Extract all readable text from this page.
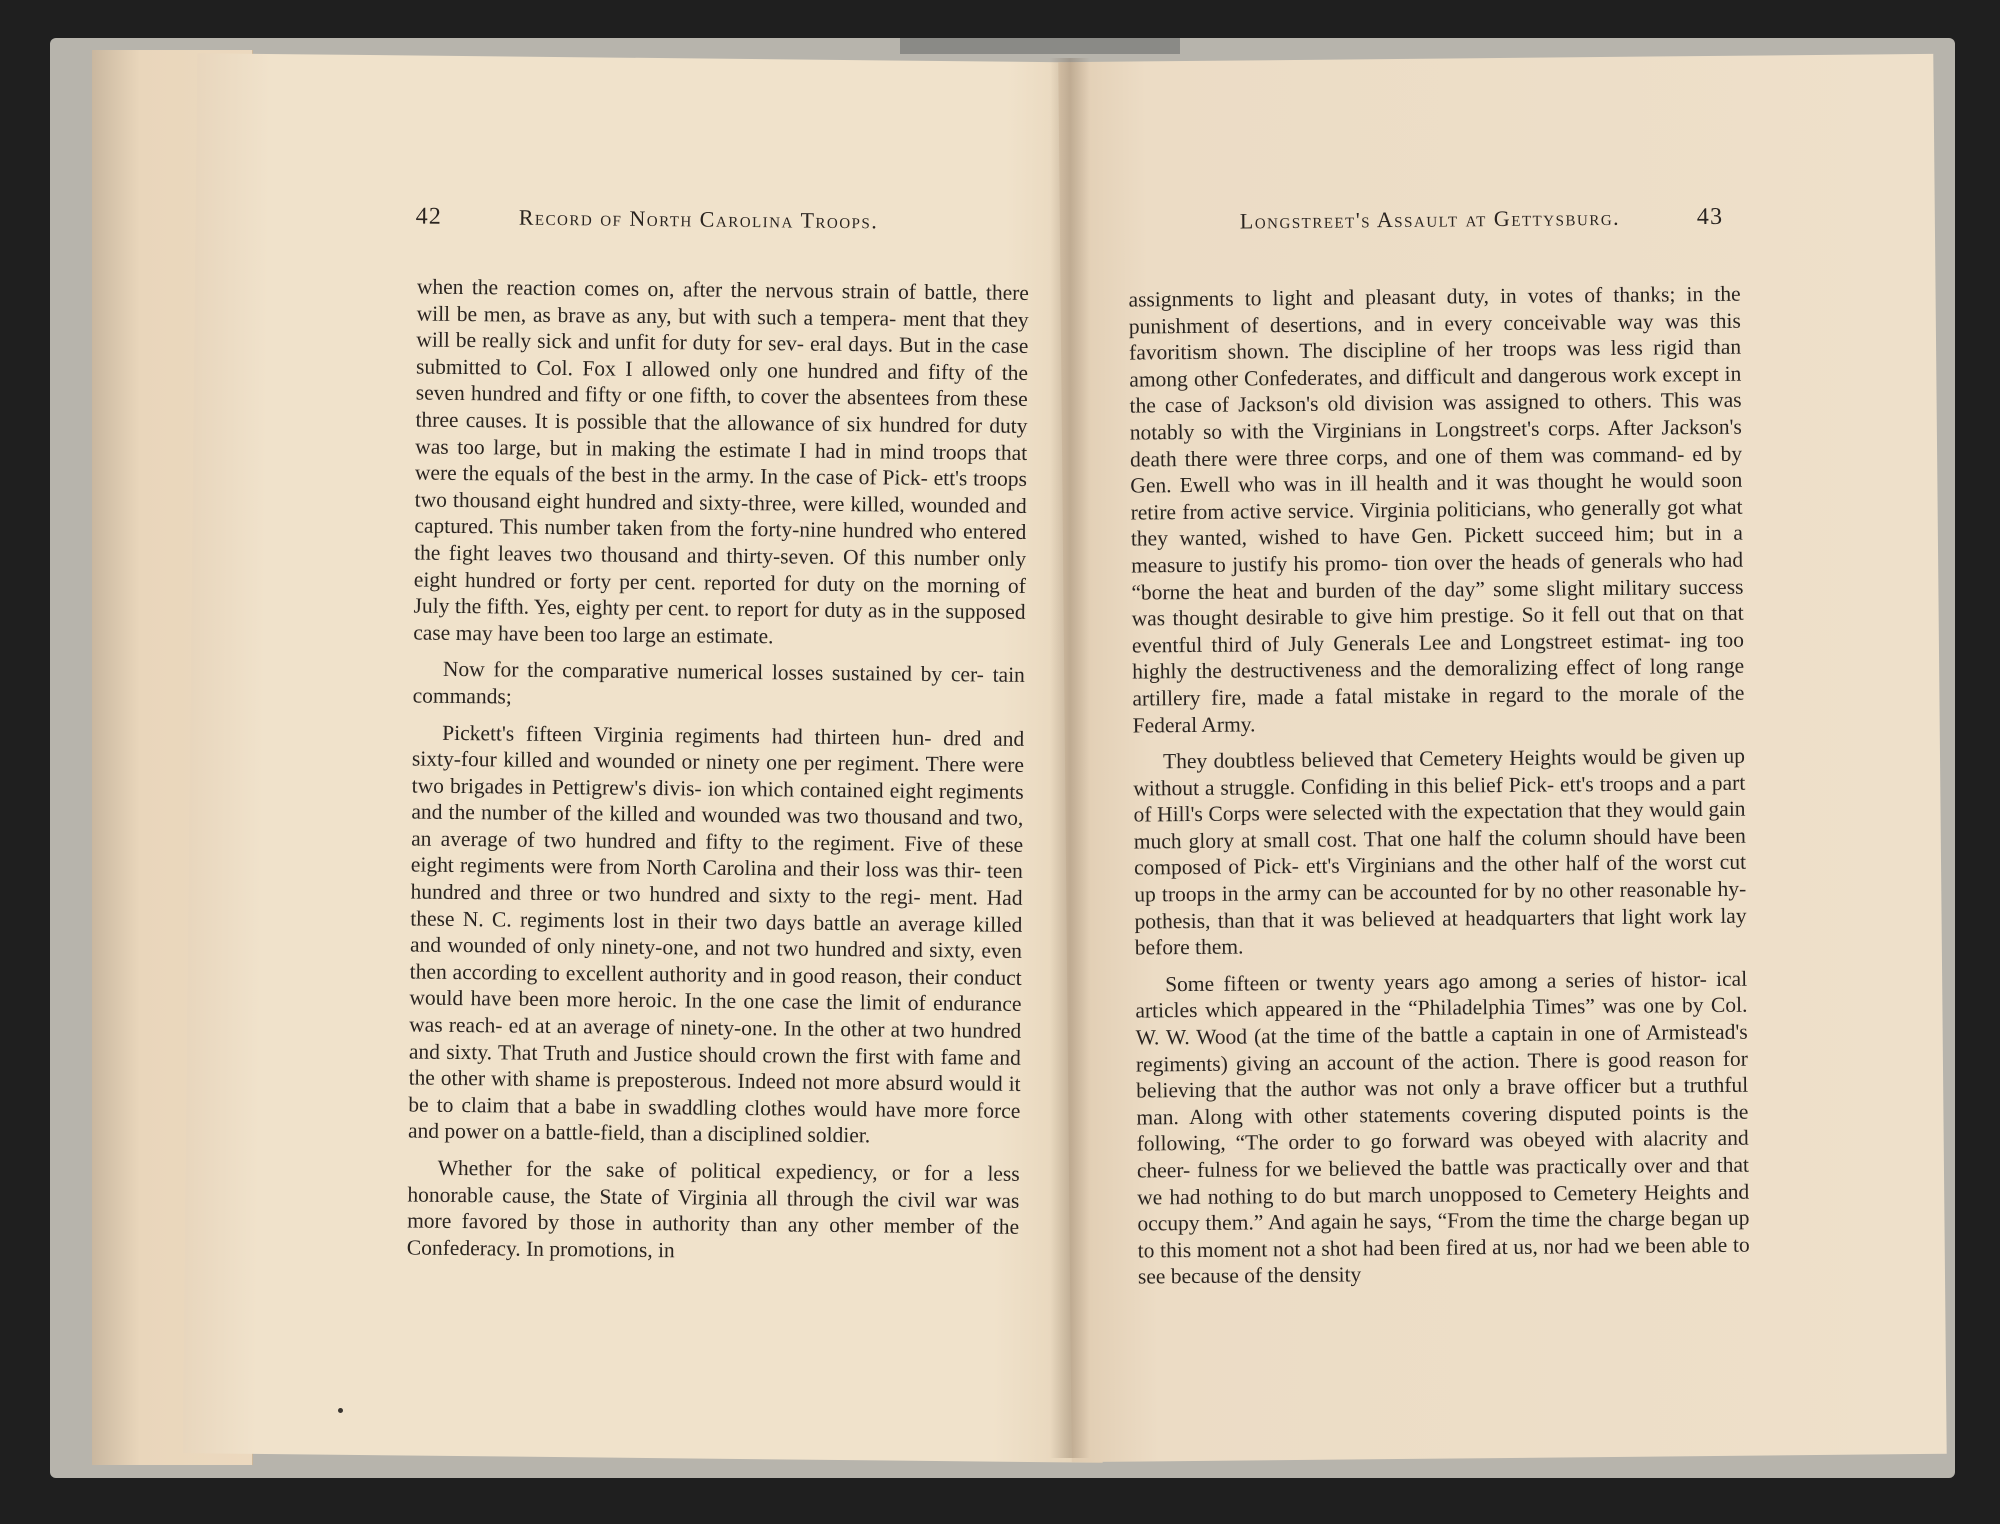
42	Record of North Carolina Troops.

when the reaction comes on, after the nervous strain of battle, there will be men, as brave as any, but with such a tempera- ment that they will be really sick and unfit for duty for sev- eral days. But in the case submitted to Col. Fox I allowed only one hundred and fifty of the seven hundred and fifty or one fifth, to cover the absentees from these three causes. It is possible that the allowance of six hundred for duty was too large, but in making the estimate I had in mind troops that were the equals of the best in the army. In the case of Pick- ett's troops two thousand eight hundred and sixty-three, were killed, wounded and captured. This number taken from the forty-nine hundred who entered the fight leaves two thousand and thirty-seven. Of this number only eight hundred or forty per cent. reported for duty on the morning of July the fifth. Yes, eighty per cent. to report for duty as in the supposed case may have been too large an estimate.

Now for the comparative numerical losses sustained by cer- tain commands;

Pickett's fifteen Virginia regiments had thirteen hun- dred and sixty-four killed and wounded or ninety one per regiment. There were two brigades in Pettigrew's divis- ion which contained eight regiments and the number of the killed and wounded was two thousand and two, an average of two hundred and fifty to the regiment. Five of these eight regiments were from North Carolina and their loss was thir- teen hundred and three or two hundred and sixty to the regi- ment. Had these N. C. regiments lost in their two days battle an average killed and wounded of only ninety-one, and not two hundred and sixty, even then according to excellent authority and in good reason, their conduct would have been more heroic. In the one case the limit of endurance was reach- ed at an average of ninety-one. In the other at two hundred and sixty. That Truth and Justice should crown the first with fame and the other with shame is preposterous. Indeed not more absurd would it be to claim that a babe in swaddling clothes would have more force and power on a battle-field, than a disciplined soldier.

Whether for the sake of political expediency, or for a less honorable cause, the State of Virginia all through the civil war was more favored by those in authority than any other member of the Confederacy. In promotions, in

Longstreet's Assault at Gettysburg.	43

assignments to light and pleasant duty, in votes of thanks; in the punishment of desertions, and in every conceivable way was this favoritism shown. The discipline of her troops was less rigid than among other Confederates, and difficult and dangerous work except in the case of Jackson's old division was assigned to others. This was notably so with the Virginians in Longstreet's corps. After Jackson's death there were three corps, and one of them was command- ed by Gen. Ewell who was in ill health and it was thought he would soon retire from active service. Virginia politicians, who generally got what they wanted, wished to have Gen. Pickett succeed him; but in a measure to justify his promo- tion over the heads of generals who had “borne the heat and burden of the day” some slight military success was thought desirable to give him prestige. So it fell out that on that eventful third of July Generals Lee and Longstreet estimat- ing too highly the destructiveness and the demoralizing effect of long range artillery fire, made a fatal mistake in regard to the morale of the Federal Army.

They doubtless believed that Cemetery Heights would be given up without a struggle. Confiding in this belief Pick- ett's troops and a part of Hill's Corps were selected with the expectation that they would gain much glory at small cost. That one half the column should have been composed of Pick- ett's Virginians and the other half of the worst cut up troops in the army can be accounted for by no other reasonable hy- pothesis, than that it was believed at headquarters that light work lay before them.

Some fifteen or twenty years ago among a series of histor- ical articles which appeared in the “Philadelphia Times” was one by Col. W. W. Wood (at the time of the battle a captain in one of Armistead's regiments) giving an account of the action. There is good reason for believing that the author was not only a brave officer but a truthful man. Along with other statements covering disputed points is the following, “The order to go forward was obeyed with alacrity and cheer- fulness for we believed the battle was practically over and that we had nothing to do but march unopposed to Cemetery Heights and occupy them.” And again he says, “From the time the charge began up to this moment not a shot had been fired at us, nor had we been able to see because of the density
